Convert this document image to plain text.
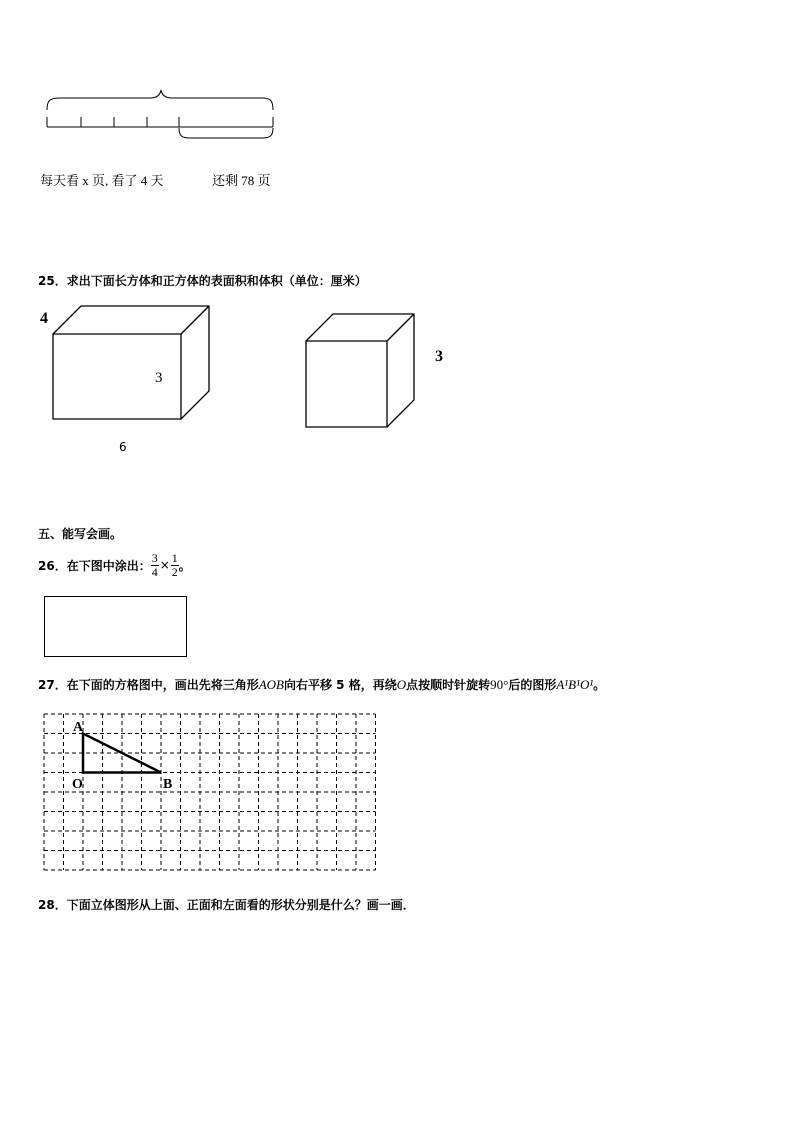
每天看 x 页, 看了 4 天	还剩 78 页
25．求出下面长方体和正方体的表面积和体积（单位：厘米）
4
3
6
3
五、能写会画。
26．在下图中涂出： $\frac{3}{4} \times \frac{1}{2}$ 。
27．在下面的方格图中，画出先将三角形AOB向右平移 5 格，再绕O点按顺时针旋转90°后的图形A¹B¹O¹。
A
O	B
28．下面立体图形从上面、正面和左面看的形状分别是什么？画一画．
